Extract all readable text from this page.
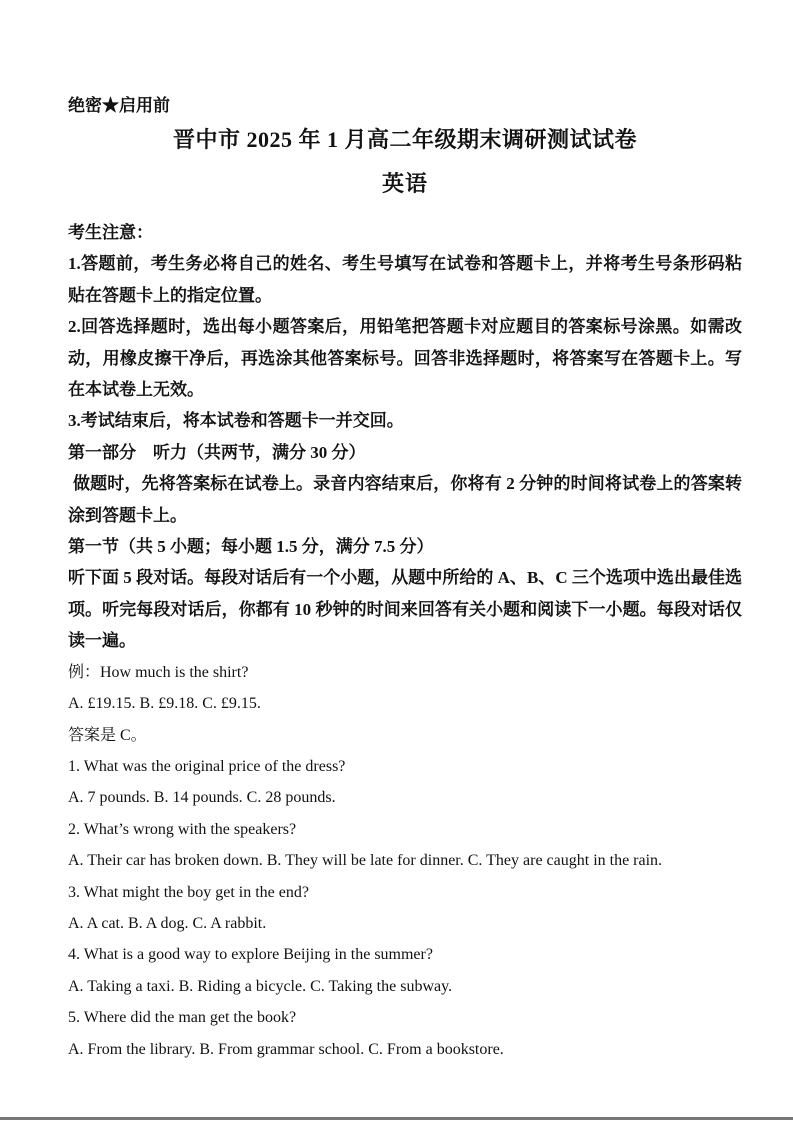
绝密★启用前

晋中市 2025 年 1 月高二年级期末调研测试试卷
英语

考生注意：

1.答题前，考生务必将自己的姓名、考生号填写在试卷和答题卡上，并将考生号条形码粘贴在答题卡上的指定位置。

2.回答选择题时，选出每小题答案后，用铅笔把答题卡对应题目的答案标号涂黑。如需改动，用橡皮擦干净后，再选涂其他答案标号。回答非选择题时，将答案写在答题卡上。写在本试卷上无效。

3.考试结束后，将本试卷和答题卡一并交回。

第一部分　听力（共两节，满分 30 分）

做题时，先将答案标在试卷上。录音内容结束后，你将有 2 分钟的时间将试卷上的答案转涂到答题卡上。

第一节（共 5 小题；每小题 1.5 分，满分 7.5 分）

听下面 5 段对话。每段对话后有一个小题，从题中所给的 A、B、C 三个选项中选出最佳选项。听完每段对话后，你都有 10 秒钟的时间来回答有关小题和阅读下一小题。每段对话仅读一遍。

例：How much is the shirt?

A. £19.15. B. £9.18. C. £9.15.

答案是 C。

1. What was the original price of the dress?

A. 7 pounds. B. 14 pounds. C. 28 pounds.

2. What’s wrong with the speakers?

A. Their car has broken down. B. They will be late for dinner. C. They are caught in the rain.

3. What might the boy get in the end?

A. A cat. B. A dog. C. A rabbit.

4. What is a good way to explore Beijing in the summer?

A. Taking a taxi. B. Riding a bicycle. C. Taking the subway.

5. Where did the man get the book?

A. From the library. B. From grammar school. C. From a bookstore.
